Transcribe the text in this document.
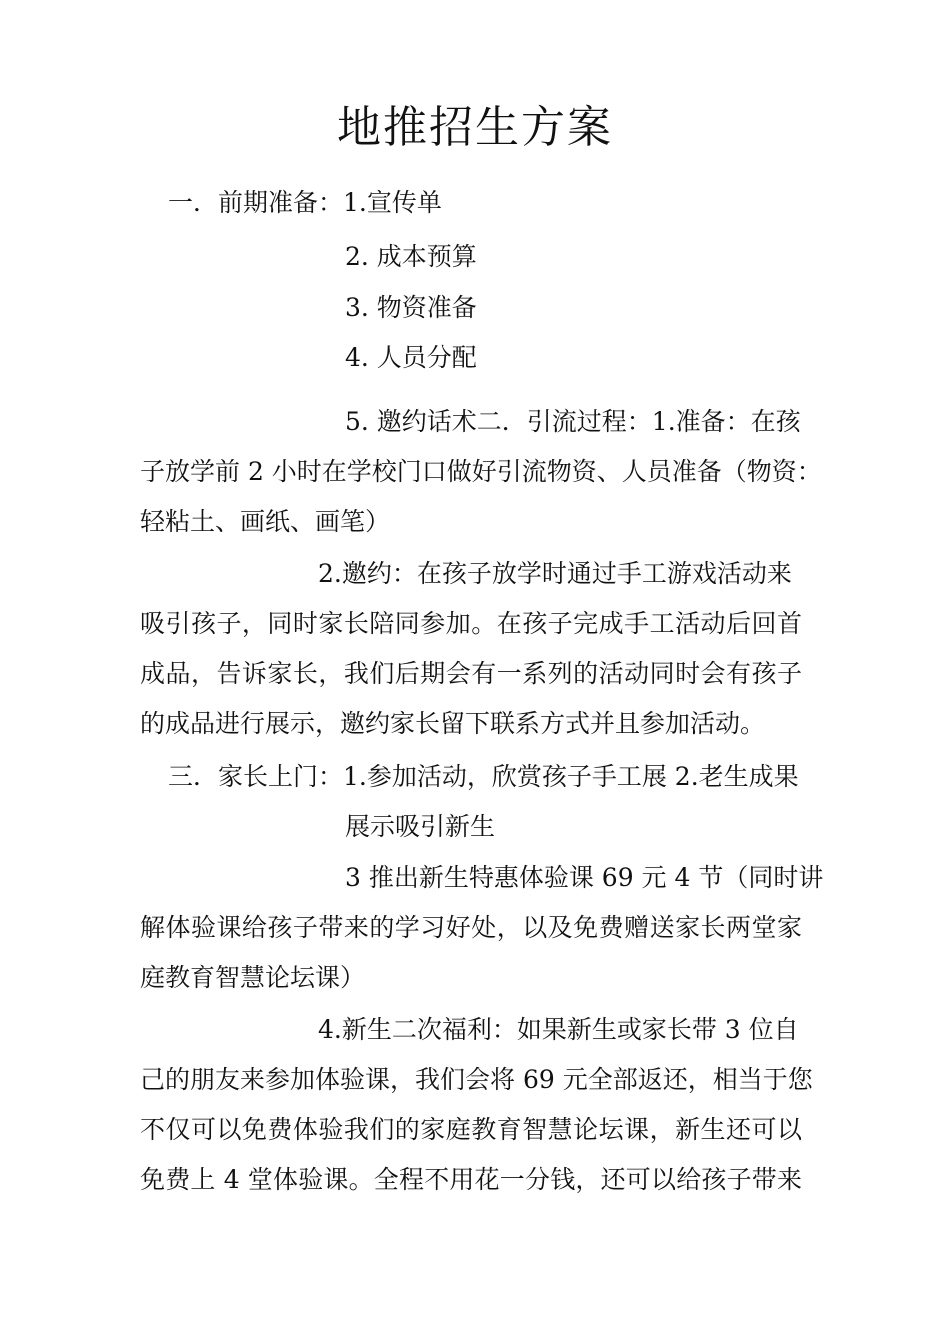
地推招生方案
一．前期准备：1.宣传单
2. 成本预算
3. 物资准备
4. 人员分配
5. 邀约话术二．引流过程：1.准备：在孩
子放学前 2 小时在学校门口做好引流物资、人员准备（物资：
轻粘土、画纸、画笔）
2.邀约：在孩子放学时通过手工游戏活动来
吸引孩子，同时家长陪同参加。在孩子完成手工活动后回首
成品，告诉家长，我们后期会有一系列的活动同时会有孩子
的成品进行展示，邀约家长留下联系方式并且参加活动。
三．家长上门：1.参加活动，欣赏孩子手工展 2.老生成果
展示吸引新生
3 推出新生特惠体验课 69 元 4 节（同时讲
解体验课给孩子带来的学习好处，以及免费赠送家长两堂家
庭教育智慧论坛课）
4.新生二次福利：如果新生或家长带 3 位自
己的朋友来参加体验课，我们会将 69 元全部返还，相当于您
不仅可以免费体验我们的家庭教育智慧论坛课，新生还可以
免费上 4 堂体验课。全程不用花一分钱，还可以给孩子带来
